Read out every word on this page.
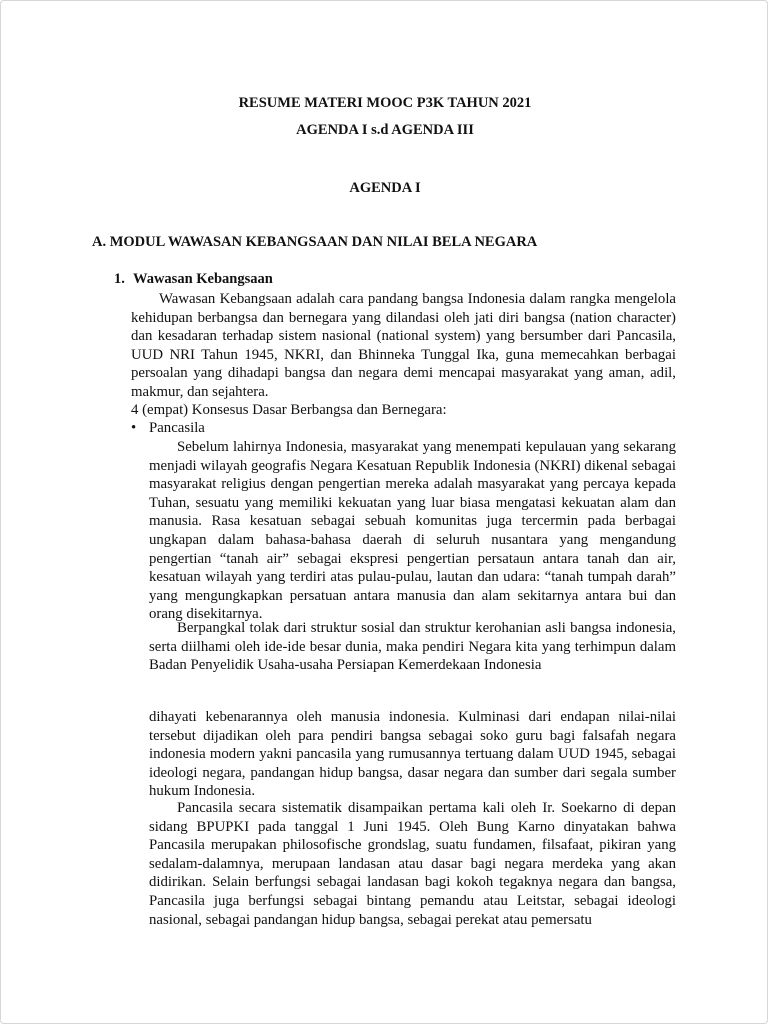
RESUME MATERI MOOC P3K TAHUN 2021
AGENDA I s.d AGENDA III
AGENDA I
A. MODUL WAWASAN KEBANGSAAN DAN NILAI BELA NEGARA
1. Wawasan Kebangsaan

Wawasan Kebangsaan adalah cara pandang bangsa Indonesia dalam rangka mengelola kehidupan berbangsa dan bernegara yang dilandasi oleh jati diri bangsa (nation character) dan kesadaran terhadap sistem nasional (national system) yang bersumber dari Pancasila, UUD NRI Tahun 1945, NKRI, dan Bhinneka Tunggal Ika, guna memecahkan berbagai persoalan yang dihadapi bangsa dan negara demi mencapai masyarakat yang aman, adil, makmur, dan sejahtera.

4 (empat) Konsesus Dasar Berbangsa dan Bernegara:
• Pancasila

Sebelum lahirnya Indonesia, masyarakat yang menempati kepulauan yang sekarang menjadi wilayah geografis Negara Kesatuan Republik Indonesia (NKRI) dikenal sebagai masyarakat religius dengan pengertian mereka adalah masyarakat yang percaya kepada Tuhan, sesuatu yang memiliki kekuatan yang luar biasa mengatasi kekuatan alam dan manusia. Rasa kesatuan sebagai sebuah komunitas juga tercermin pada berbagai ungkapan dalam bahasa-bahasa daerah di seluruh nusantara yang mengandung pengertian “tanah air” sebagai ekspresi pengertian persataun antara tanah dan air, kesatuan wilayah yang terdiri atas pulau-pulau, lautan dan udara: “tanah tumpah darah” yang mengungkapkan persatuan antara manusia dan alam sekitarnya antara bui dan orang disekitarnya.

Berpangkal tolak dari struktur sosial dan struktur kerohanian asli bangsa indonesia, serta diilhami oleh ide-ide besar dunia, maka pendiri Negara kita yang terhimpun dalam Badan Penyelidik Usaha-usaha Persiapan Kemerdekaan Indonesia

dihayati kebenarannya oleh manusia indonesia. Kulminasi dari endapan nilai-nilai tersebut dijadikan oleh para pendiri bangsa sebagai soko guru bagi falsafah negara indonesia modern yakni pancasila yang rumusannya tertuang dalam UUD 1945, sebagai ideologi negara, pandangan hidup bangsa, dasar negara dan sumber dari segala sumber hukum Indonesia.

Pancasila secara sistematik disampaikan pertama kali oleh Ir. Soekarno di depan sidang BPUPKI pada tanggal 1 Juni 1945. Oleh Bung Karno dinyatakan bahwa Pancasila merupakan philosofische grondslag, suatu fundamen, filsafaat, pikiran yang sedalam-dalamnya, merupaan landasan atau dasar bagi negara merdeka yang akan didirikan. Selain berfungsi sebagai landasan bagi kokoh tegaknya negara dan bangsa, Pancasila juga berfungsi sebagai bintang pemandu atau Leitstar, sebagai ideologi nasional, sebagai pandangan hidup bangsa, sebagai perekat atau pemersatu
